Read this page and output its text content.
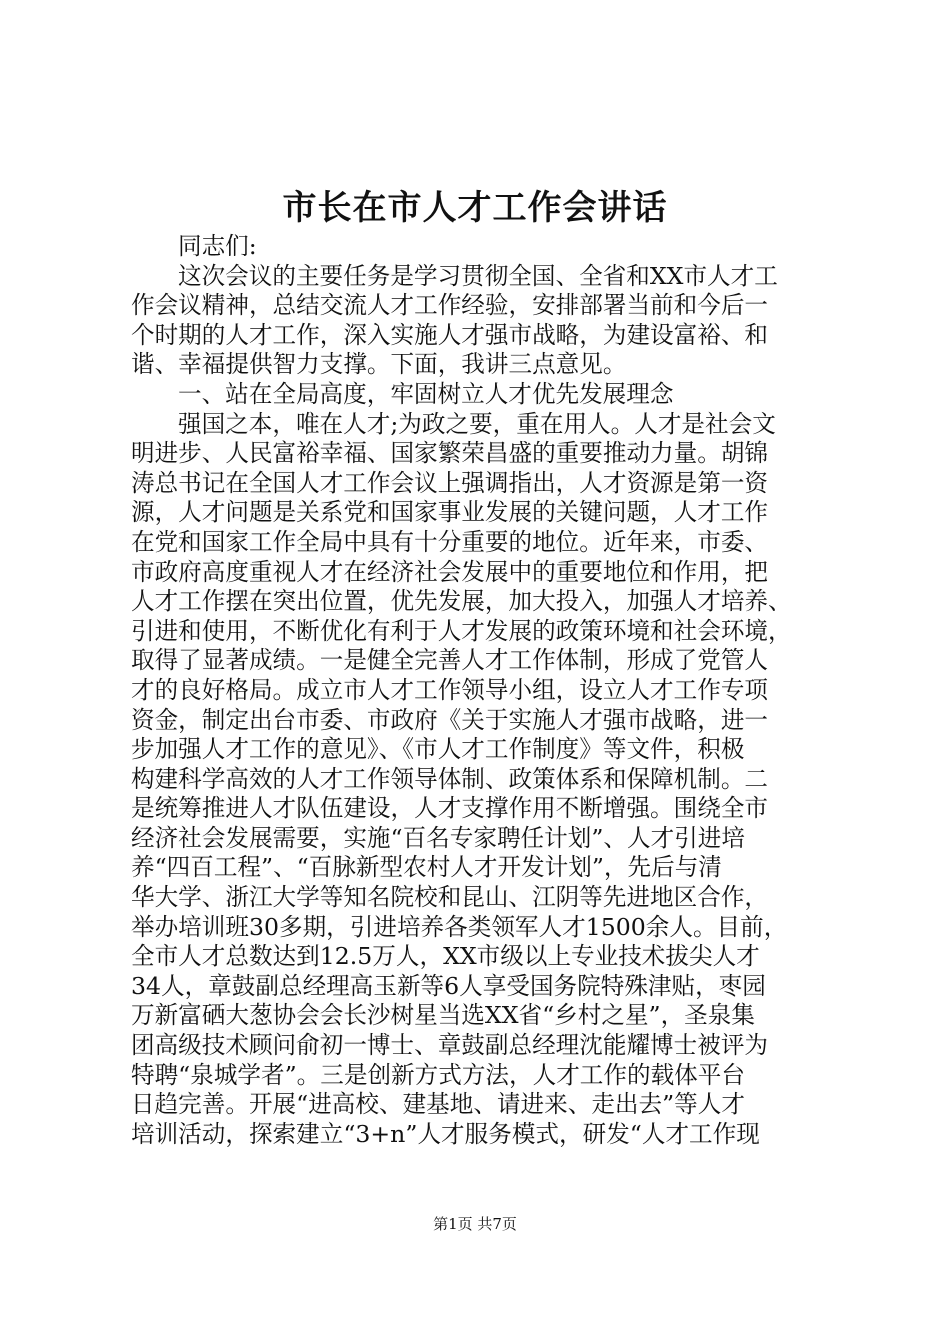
市长在市人才工作会讲话
同志们:
这次会议的主要任务是学习贯彻全国、全省和XX市人才工
作会议精神，总结交流人才工作经验，安排部署当前和今后一
个时期的人才工作，深入实施人才强市战略，为建设富裕、和
谐、幸福提供智力支撑。下面，我讲三点意见。
一、站在全局高度，牢固树立人才优先发展理念
强国之本，唯在人才;为政之要，重在用人。人才是社会文
明进步、人民富裕幸福、国家繁荣昌盛的重要推动力量。胡锦
涛总书记在全国人才工作会议上强调指出，人才资源是第一资
源，人才问题是关系党和国家事业发展的关键问题，人才工作
在党和国家工作全局中具有十分重要的地位。近年来，市委、
市政府高度重视人才在经济社会发展中的重要地位和作用，把
人才工作摆在突出位置，优先发展，加大投入，加强人才培养、
引进和使用，不断优化有利于人才发展的政策环境和社会环境，
取得了显著成绩。一是健全完善人才工作体制，形成了党管人
才的良好格局。成立市人才工作领导小组，设立人才工作专项
资金，制定出台市委、市政府《关于实施人才强市战略，进一
步加强人才工作的意见》、《市人才工作制度》等文件，积极
构建科学高效的人才工作领导体制、政策体系和保障机制。二
是统筹推进人才队伍建设，人才支撑作用不断增强。围绕全市
经济社会发展需要，实施“百名专家聘任计划”、人才引进培
养“四百工程”、“百脉新型农村人才开发计划”，先后与清
华大学、浙江大学等知名院校和昆山、江阴等先进地区合作，
举办培训班30多期，引进培养各类领军人才1500余人。目前，
全市人才总数达到12.5万人，XX市级以上专业技术拔尖人才
34人，章鼓副总经理高玉新等6人享受国务院特殊津贴，枣园
万新富硒大葱协会会长沙树星当选XX省“乡村之星”，圣泉集
团高级技术顾问俞初一博士、章鼓副总经理沈能耀博士被评为
特聘“泉城学者”。三是创新方式方法，人才工作的载体平台
日趋完善。开展“进高校、建基地、请进来、走出去”等人才
培训活动，探索建立“3+n”人才服务模式，研发“人才工作现
第1页 共7页
